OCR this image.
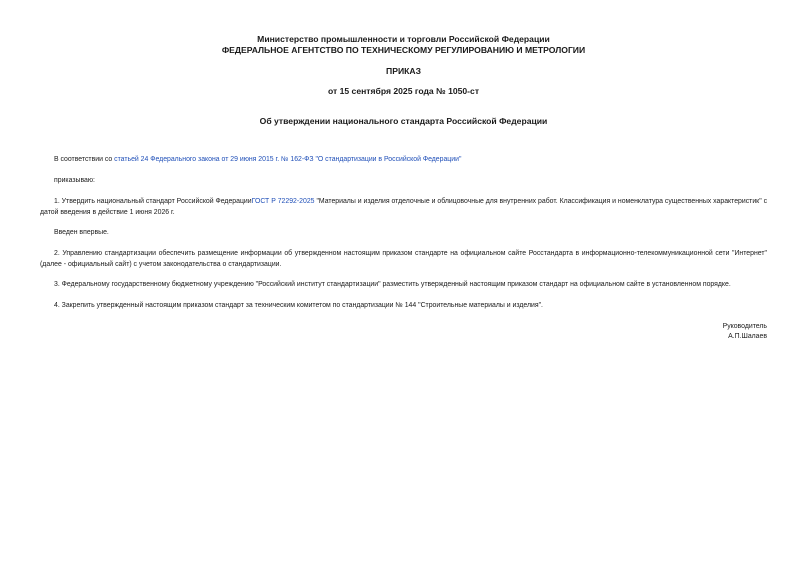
Министерство промышленности и торговли Российской Федерации
ФЕДЕРАЛЬНОЕ АГЕНТСТВО ПО ТЕХНИЧЕСКОМУ РЕГУЛИРОВАНИЮ И МЕТРОЛОГИИ
ПРИКАЗ
от 15 сентября 2025 года № 1050-ст
Об утверждении национального стандарта Российской Федерации
В соответствии со статьей 24 Федерального закона от 29 июня 2015 г. № 162-ФЗ "О стандартизации в Российской Федерации"
приказываю:
1. Утвердить национальный стандарт Российской ФедерацииГОСТ Р 72292-2025 "Материалы и изделия отделочные и облицовочные для внутренних работ. Классификация и номенклатура существенных характеристик" с датой введения в действие 1 июня 2026 г.
Введен впервые.
2. Управлению стандартизации обеспечить размещение информации об утвержденном настоящим приказом стандарте на официальном сайте Росстандарта в информационно-телекоммуникационной сети "Интернет" (далее - официальный сайт) с учетом законодательства о стандартизации.
3. Федеральному государственному бюджетному учреждению "Российский институт стандартизации" разместить утвержденный настоящим приказом стандарт на официальном сайте в установленном порядке.
4. Закрепить утвержденный настоящим приказом стандарт за техническим комитетом по стандартизации № 144 "Строительные материалы и изделия".
Руководитель
А.П.Шалаев
